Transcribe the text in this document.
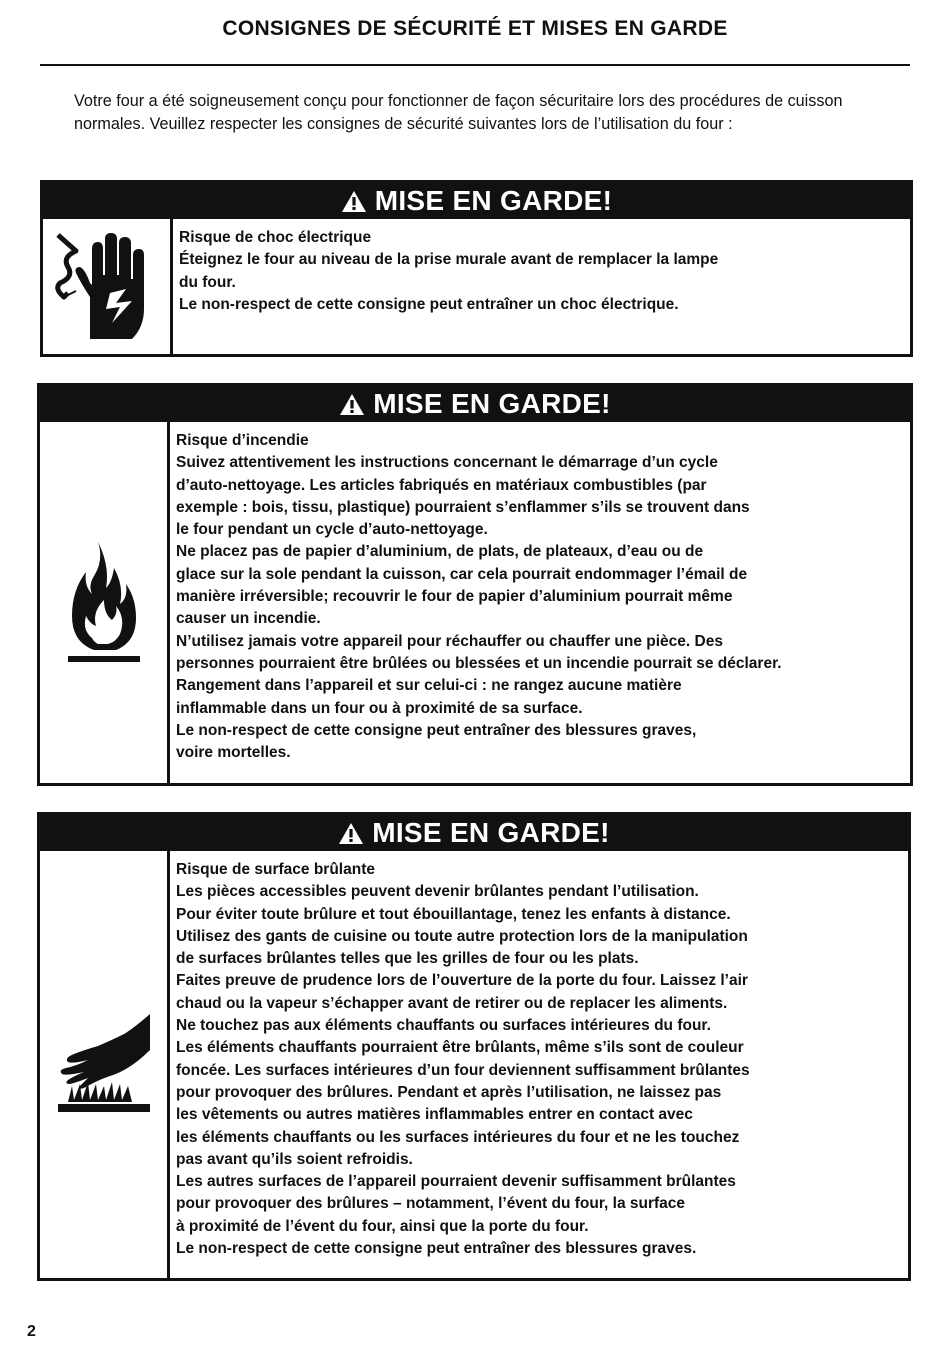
CONSIGNES DE SÉCURITÉ ET MISES EN GARDE
Votre four a été soigneusement conçu pour fonctionner de façon sécuritaire lors des procédures de cuisson normales. Veuillez respecter les consignes de sécurité suivantes lors de l’utilisation du four :
MISE EN GARDE!
Risque de choc électrique
Éteignez le four au niveau de la prise murale avant de remplacer la lampe
du four.
Le non-respect de cette consigne peut entraîner un choc électrique.
MISE EN GARDE!
Risque d’incendie
Suivez attentivement les instructions concernant le démarrage d’un cycle
d’auto-nettoyage. Les articles fabriqués en matériaux combustibles (par
exemple : bois, tissu, plastique) pourraient s’enflammer s’ils se trouvent dans
le four pendant un cycle d’auto-nettoyage.
Ne placez pas de papier d’aluminium, de plats, de plateaux, d’eau ou de
glace sur la sole pendant la cuisson, car cela pourrait endommager l’émail de
manière irréversible; recouvrir le four de papier d’aluminium pourrait même
causer un incendie.
N’utilisez jamais votre appareil pour réchauffer ou chauffer une pièce. Des
personnes pourraient être brûlées ou blessées et un incendie pourrait se déclarer.
Rangement dans l’appareil et sur celui-ci : ne rangez aucune matière
inflammable dans un four ou à proximité de sa surface.
Le non-respect de cette consigne peut entraîner des blessures graves,
voire mortelles.
MISE EN GARDE!
Risque de surface brûlante
Les pièces accessibles peuvent devenir brûlantes pendant l’utilisation.
Pour éviter toute brûlure et tout ébouillantage, tenez les enfants à distance.
Utilisez des gants de cuisine ou toute autre protection lors de la manipulation
de surfaces brûlantes telles que les grilles de four ou les plats.
Faites preuve de prudence lors de l’ouverture de la porte du four. Laissez l’air
chaud ou la vapeur s’échapper avant de retirer ou de replacer les aliments.
Ne touchez pas aux éléments chauffants ou surfaces intérieures du four.
Les éléments chauffants pourraient être brûlants, même s’ils sont de couleur
foncée. Les surfaces intérieures d’un four deviennent suffisamment brûlantes
pour provoquer des brûlures. Pendant et après l’utilisation, ne laissez pas
les vêtements ou autres matières inflammables entrer en contact avec
les éléments chauffants ou les surfaces intérieures du four et ne les touchez
pas avant qu’ils soient refroidis.
Les autres surfaces de l’appareil pourraient devenir suffisamment brûlantes
pour provoquer des brûlures – notamment, l’évent du four, la surface
à proximité de l’évent du four, ainsi que la porte du four.
Le non-respect de cette consigne peut entraîner des blessures graves.
2
